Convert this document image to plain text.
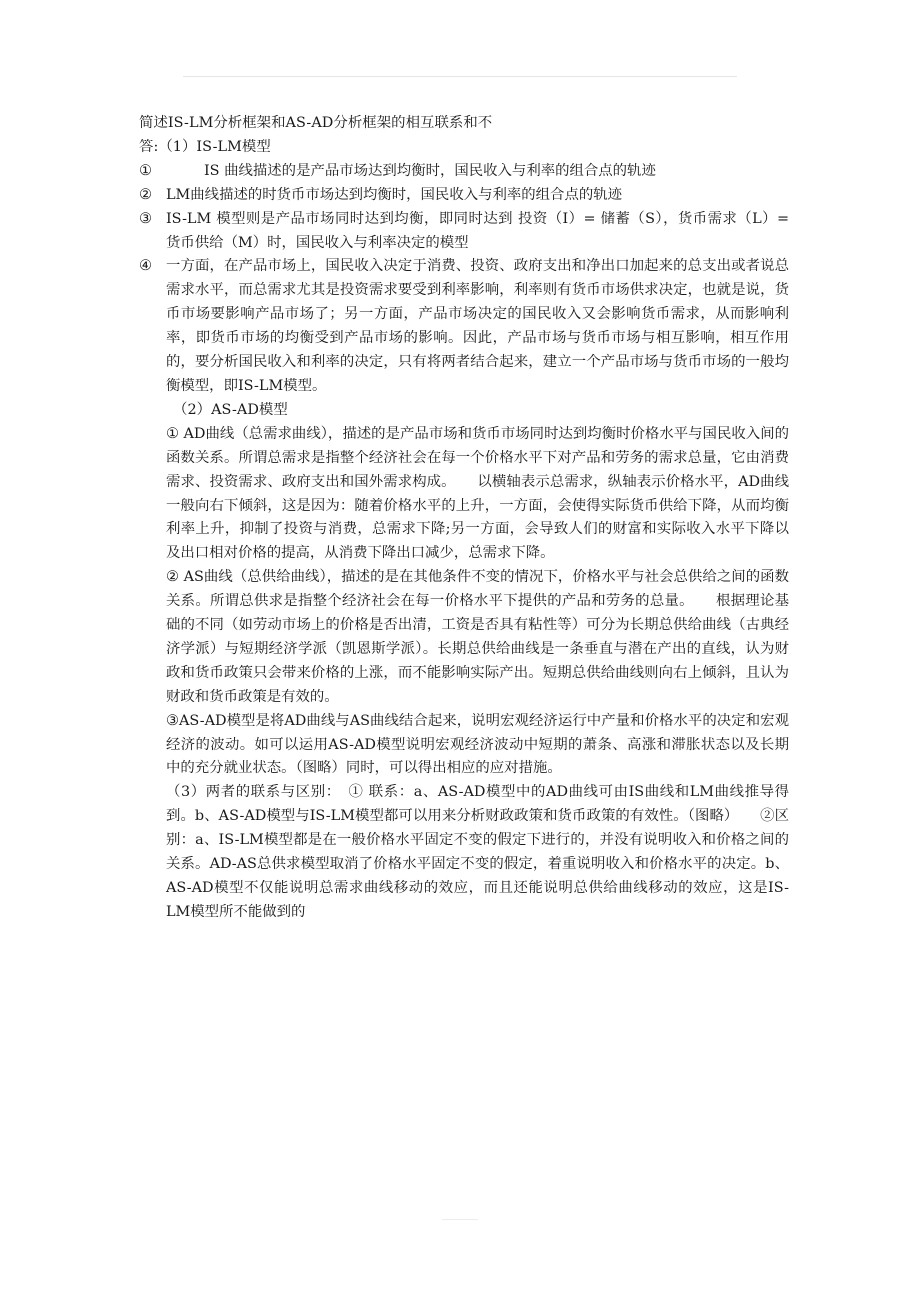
简述IS-LM分析框架和AS-AD分析框架的相互联系和不
答:（1）IS-LM模型
①	IS 曲线描述的是产品市场达到均衡时，国民收入与利率的组合点的轨迹
② LM曲线描述的时货币市场达到均衡时，国民收入与利率的组合点的轨迹
③ IS-LM 模型则是产品市场同时达到均衡，即同时达到 投资（I）= 储蓄（S），货币需求（L）= 货币供给（M）时，国民收入与利率决定的模型
④ 一方面，在产品市场上，国民收入决定于消费、投资、政府支出和净出口加起来的总支出或者说总需求水平，而总需求尤其是投资需求要受到利率影响，利率则有货币市场供求决定，也就是说，货币市场要影响产品市场了；另一方面，产品市场决定的国民收入又会影响货币需求，从而影响利率，即货币市场的均衡受到产品市场的影响。因此，产品市场与货币市场与相互影响，相互作用的，要分析国民收入和利率的决定，只有将两者结合起来，建立一个产品市场与货币市场的一般均衡模型，即IS-LM模型。
（2）AS-AD模型
① AD曲线（总需求曲线），描述的是产品市场和货币市场同时达到均衡时价格水平与国民收入间的函数关系。所谓总需求是指整个经济社会在每一个价格水平下对产品和劳务的需求总量，它由消费需求、投资需求、政府支出和国外需求构成。　　以横轴表示总需求，纵轴表示价格水平，AD曲线一般向右下倾斜，这是因为：随着价格水平的上升，一方面，会使得实际货币供给下降，从而均衡利率上升，抑制了投资与消费，总需求下降;另一方面，会导致人们的财富和实际收入水平下降以及出口相对价格的提高，从消费下降出口减少，总需求下降。
② AS曲线（总供给曲线），描述的是在其他条件不变的情况下，价格水平与社会总供给之间的函数关系。所谓总供求是指整个经济社会在每一价格水平下提供的产品和劳务的总量。　　根据理论基础的不同（如劳动市场上的价格是否出清，工资是否具有粘性等）可分为长期总供给曲线（古典经济学派）与短期经济学派（凯恩斯学派）。长期总供给曲线是一条垂直与潜在产出的直线，认为财政和货币政策只会带来价格的上涨，而不能影响实际产出。短期总供给曲线则向右上倾斜，且认为财政和货币政策是有效的。
③AS-AD模型是将AD曲线与AS曲线结合起来，说明宏观经济运行中产量和价格水平的决定和宏观经济的波动。如可以运用AS-AD模型说明宏观经济波动中短期的萧条、高涨和滞胀状态以及长期中的充分就业状态。（图略）同时，可以得出相应的应对措施。
（3）两者的联系与区别：　① 联系：a、AS-AD模型中的AD曲线可由IS曲线和LM曲线推导得到。b、AS-AD模型与IS-LM模型都可以用来分析财政政策和货币政策的有效性。（图略）　　②区别：a、IS-LM模型都是在一般价格水平固定不变的假定下进行的，并没有说明收入和价格之间的关系。AD-AS总供求模型取消了价格水平固定不变的假定，着重说明收入和价格水平的决定。b、AS-AD模型不仅能说明总需求曲线移动的效应，而且还能说明总供给曲线移动的效应，这是IS-LM模型所不能做到的
